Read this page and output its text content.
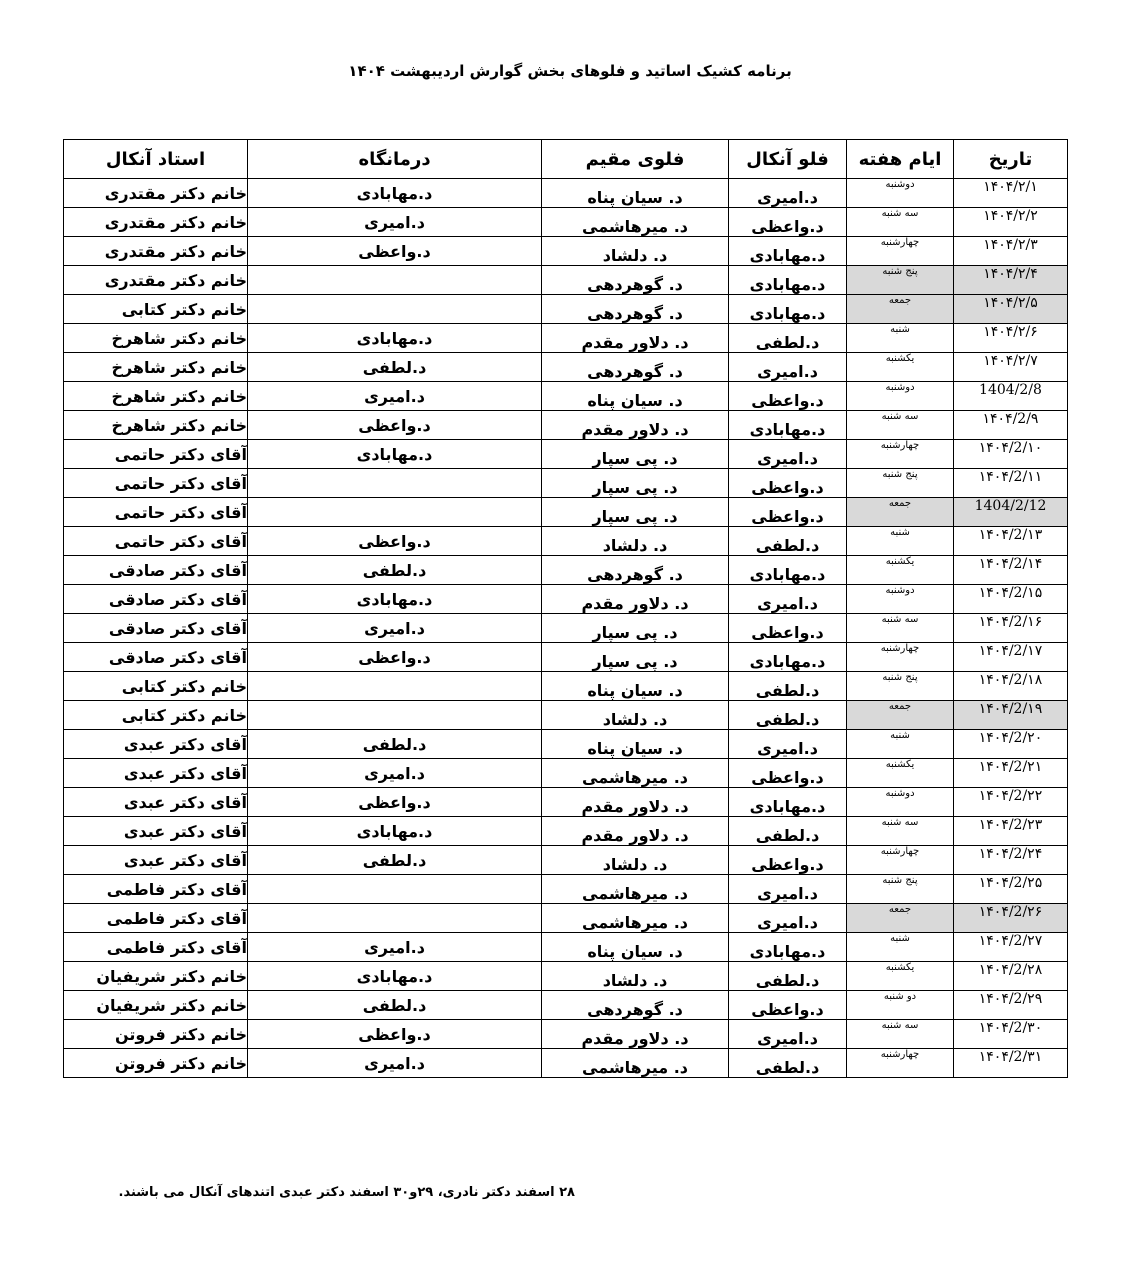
برنامه کشیک اساتید و فلوهای بخش گوارش اردیبهشت ۱۴۰۴
تاریخ	ایام هفته	فلو آنکال	فلوی مقیم	درمانگاه	استاد آنکال
۱۴۰۴/۲/۱	دوشنبه	د.امیری	د. سیان پناه	د.مهابادی	خانم دکتر مقتدری
۱۴۰۴/۲/۲	سه شنبه	د.واعظی	د. میرهاشمی	د.امیری	خانم دکتر مقتدری
۱۴۰۴/۲/۳	چهارشنبه	د.مهابادی	د. دلشاد	د.واعظی	خانم دکتر مقتدری
۱۴۰۴/۲/۴	پنج شنبه	د.مهابادی	د. گوهردهی		خانم دکتر مقتدری
۱۴۰۴/۲/۵	جمعه	د.مهابادی	د. گوهردهی		خانم دکتر کتابی
۱۴۰۴/۲/۶	شنبه	د.لطفی	د. دلاور مقدم	د.مهابادی	خانم دکتر شاهرخ
۱۴۰۴/۲/۷	یکشنبه	د.امیری	د. گوهردهی	د.لطفی	خانم دکتر شاهرخ
1404/2/8	دوشنبه	د.واعظی	د. سیان پناه	د.امیری	خانم دکتر شاهرخ
۱۴۰۴/2/۹	سه شنبه	د.مهابادی	د. دلاور مقدم	د.واعظی	خانم دکتر شاهرخ
۱۴۰۴/2/۱۰	چهارشنبه	د.امیری	د. پی سپار	د.مهابادی	آقای دکتر حاتمی
۱۴۰۴/2/۱۱	پنج شنبه	د.واعظی	د. پی سپار		آقای دکتر حاتمی
1404/2/12	جمعه	د.واعظی	د. پی سپار		آقای دکتر حاتمی
۱۴۰۴/2/۱۳	شنبه	د.لطفی	د. دلشاد	د.واعظی	آقای دکتر حاتمی
۱۴۰۴/2/۱۴	یکشنبه	د.مهابادی	د. گوهردهی	د.لطفی	آقای دکتر صادقی
۱۴۰۴/2/۱۵	دوشنبه	د.امیری	د. دلاور مقدم	د.مهابادی	آقای دکتر صادقی
۱۴۰۴/2/۱۶	سه شنبه	د.واعظی	د. پی سپار	د.امیری	آقای دکتر صادقی
۱۴۰۴/2/۱۷	چهارشنبه	د.مهابادی	د. پی سپار	د.واعظی	آقای دکتر صادقی
۱۴۰۴/2/۱۸	پنج شنبه	د.لطفی	د. سیان پناه		خانم دکتر کتابی
۱۴۰۴/2/۱۹	جمعه	د.لطفی	د. دلشاد		خانم دکتر کتابی
۱۴۰۴/2/۲۰	شنبه	د.امیری	د. سیان پناه	د.لطفی	آقای دکتر عبدی
۱۴۰۴/2/۲۱	یکشنبه	د.واعظی	د. میرهاشمی	د.امیری	آقای دکتر عبدی
۱۴۰۴/2/۲۲	دوشنبه	د.مهابادی	د. دلاور مقدم	د.واعظی	آقای دکتر عبدی
۱۴۰۴/2/۲۳	سه شنبه	د.لطفی	د. دلاور مقدم	د.مهابادی	آقای دکتر عبدی
۱۴۰۴/2/۲۴	چهارشنبه	د.واعظی	د. دلشاد	د.لطفی	آقای دکتر عبدی
۱۴۰۴/2/۲۵	پنج شنبه	د.امیری	د. میرهاشمی		آقای دکتر فاطمی
۱۴۰۴/2/۲۶	جمعه	د.امیری	د. میرهاشمی		آقای دکتر فاطمی
۱۴۰۴/2/۲۷	شنبه	د.مهابادی	د. سیان پناه	د.امیری	آقای دکتر فاطمی
۱۴۰۴/2/۲۸	یکشنبه	د.لطفی	د. دلشاد	د.مهابادی	خانم دکتر شریفیان
۱۴۰۴/2/۲۹	دو شنبه	د.واعظی	د. گوهردهی	د.لطفی	خانم دکتر شریفیان
۱۴۰۴/2/۳۰	سه شنبه	د.امیری	د. دلاور مقدم	د.واعظی	خانم دکتر فروتن
۱۴۰۴/2/۳۱	چهارشنبه	د.لطفی	د. میرهاشمی	د.امیری	خانم دکتر فروتن
۲۸ اسفند دکتر نادری، ۲۹و۳۰ اسفند دکتر عبدی اتندهای آنکال می باشند.
